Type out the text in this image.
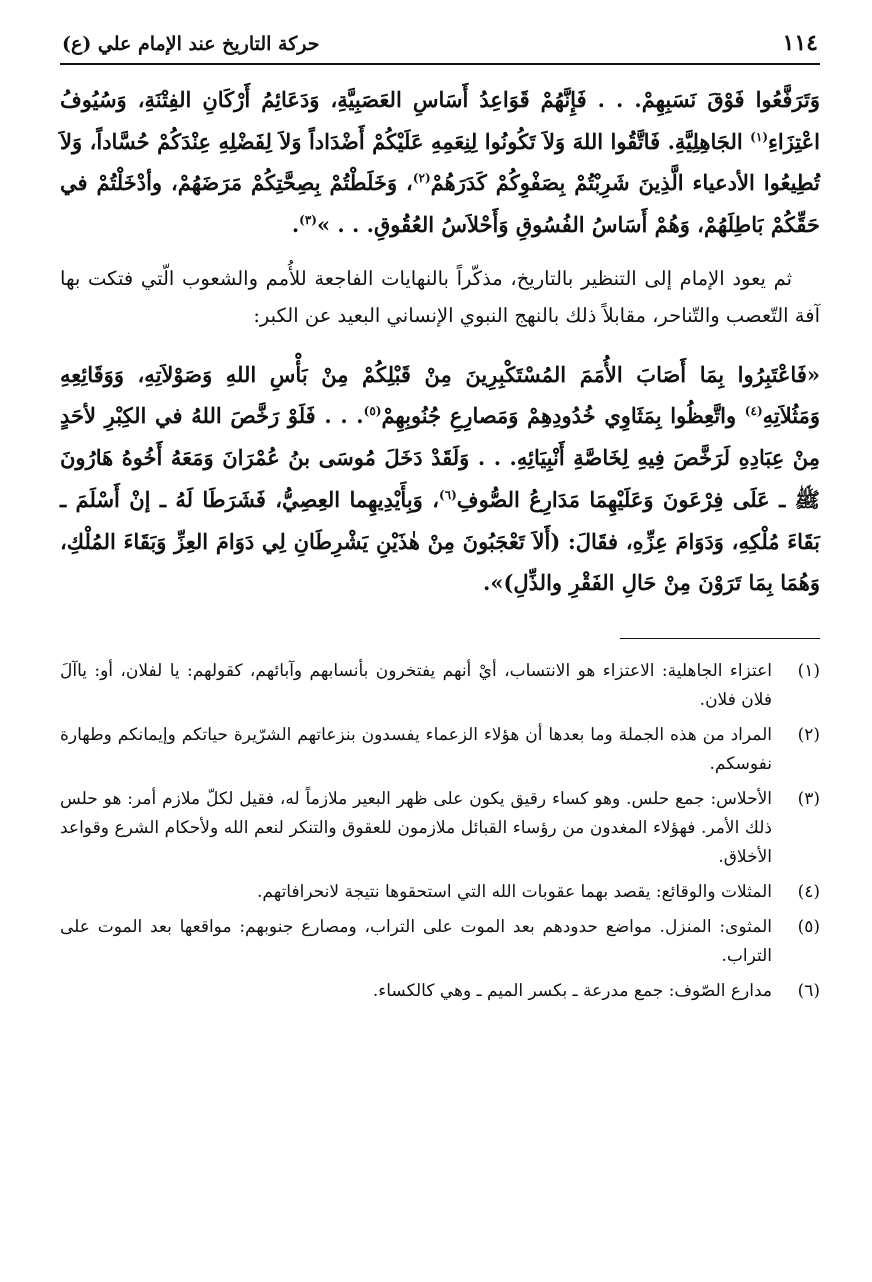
١١٤
حركة التاريخ عند الإمام علي (ع)
وَتَرَفَّعُوا فَوْقَ نَسَبِهِمْ. . . فَإِنَّهُمْ قَوَاعِدُ أَسَاسِ العَصَبِيَّةِ، وَدَعَائِمُ أَرْكَانِ الفِتْنَةِ، وَسُيُوفُ اعْتِزَاءِ$^{(١)}$ الجَاهِلِيَّةِ. فَاتَّقُوا اللهَ وَلاَ تَكُونُوا لِنِعَمِهِ عَلَيْكُمْ أَضْدَاداً وَلاَ لِفَضْلِهِ عِنْدَكُمْ حُسَّاداً، وَلاَ تُطِيعُوا الأدعياء الَّذِينَ شَرِبْتُمْ بِصَفْوِكُمْ كَدَرَهُمْ$^{(٢)}$، وَخَلَطْتُمْ بِصِحَّتِكُمْ مَرَضَهُمْ، وأدْخَلْتُمْ في حَقِّكُمْ بَاطِلَهُمْ، وَهُمْ أَسَاسُ الفُسُوقِ وَأَحْلاَسُ العُقُوقِ. . . »$^{(٣)}$.

ثم يعود الإمام إلى التنظير بالتاريخ، مذكّراً بالنهايات الفاجعة للأُمم والشعوب الّتي فتكت بها آفة التّعصب والتّناحر، مقابلاً ذلك بالنهج النبوي الإنساني البعيد عن الكبر:

«فَاعْتَبِرُوا بِمَا أَصَابَ الأُمَمَ المُسْتَكْبِرِينَ مِنْ قَبْلِكُمْ مِنْ بَأْسِ اللهِ وَصَوْلاَتِهِ، وَوَقَائِعِهِ وَمَثُلاَتِهِ$^{(٤)}$ واتَّعِظُوا بِمَثَاوِي خُدُودِهِمْ وَمَصارِعِ جُنُوبِهِمْ$^{(٥)}$. . . فَلَوْ رَخَّصَ اللهُ في الكِبْرِ لأحَدٍ مِنْ عِبَادِهِ لَرَخَّصَ فِيهِ لِخَاصَّةِ أَنْبِيَائِهِ. . . وَلَقَدْ دَخَلَ مُوسَى بنُ عُمْرَانَ وَمَعَهُ أَخُوهُ هَارُونَ ﷺ ـ عَلَى فِرْعَونَ وَعَلَيْهِمَا مَدَارِعُ الصُّوفِ$^{(٦)}$، وَبِأَيْدِيهِما العِصِيُّ، فَشَرَطَا لَهُ ـ إنْ أَسْلَمَ ـ بَقَاءَ مُلْكِهِ، وَدَوَامَ عِزِّهِ، فقَالَ: (أَلاَ تَعْجَبُونَ مِنْ هٰذَيْنِ يَشْرِطَانِ لِي دَوَامَ العِزِّ وَبَقَاءَ المُلْكِ، وَهُمَا بِمَا تَرَوْنَ مِنْ حَالِ الفَقْرِ والذِّلِ)».
(١)
اعتزاء الجاهلية: الاعتزاء هو الانتساب، أيْ أنهم يفتخرون بأنسابهم وآبائهم، كقولهم: يا لفلان، أو: ياآلَ فلان فلان.
(٢)
المراد من هذه الجملة وما بعدها أن هؤلاء الزعماء يفسدون بنزعاتهم الشرّيرة حياتكم وإيمانكم وطهارة نفوسكم.
(٣)
الأحلاس: جمع حلس. وهو كساء رقيق يكون على ظهر البعير ملازماً له، فقيل لكلّ ملازم أمر: هو حلس ذلك الأمر. فهؤلاء المغدون من رؤساء القبائل ملازمون للعقوق والتنكر لنعم الله ولأحكام الشرع وقواعد الأخلاق.
(٤)
المثلات والوقائع: يقصد بهما عقوبات الله التي استحقوها نتيجة لانحرافاتهم.
(٥)
المثوى: المنزل. مواضع حدودهم بعد الموت على التراب، ومصارع جنوبهم: مواقعها بعد الموت على التراب.
(٦)
مدارع الصّوف: جمع مدرعة ـ بكسر الميم ـ وهي كالكساء.
